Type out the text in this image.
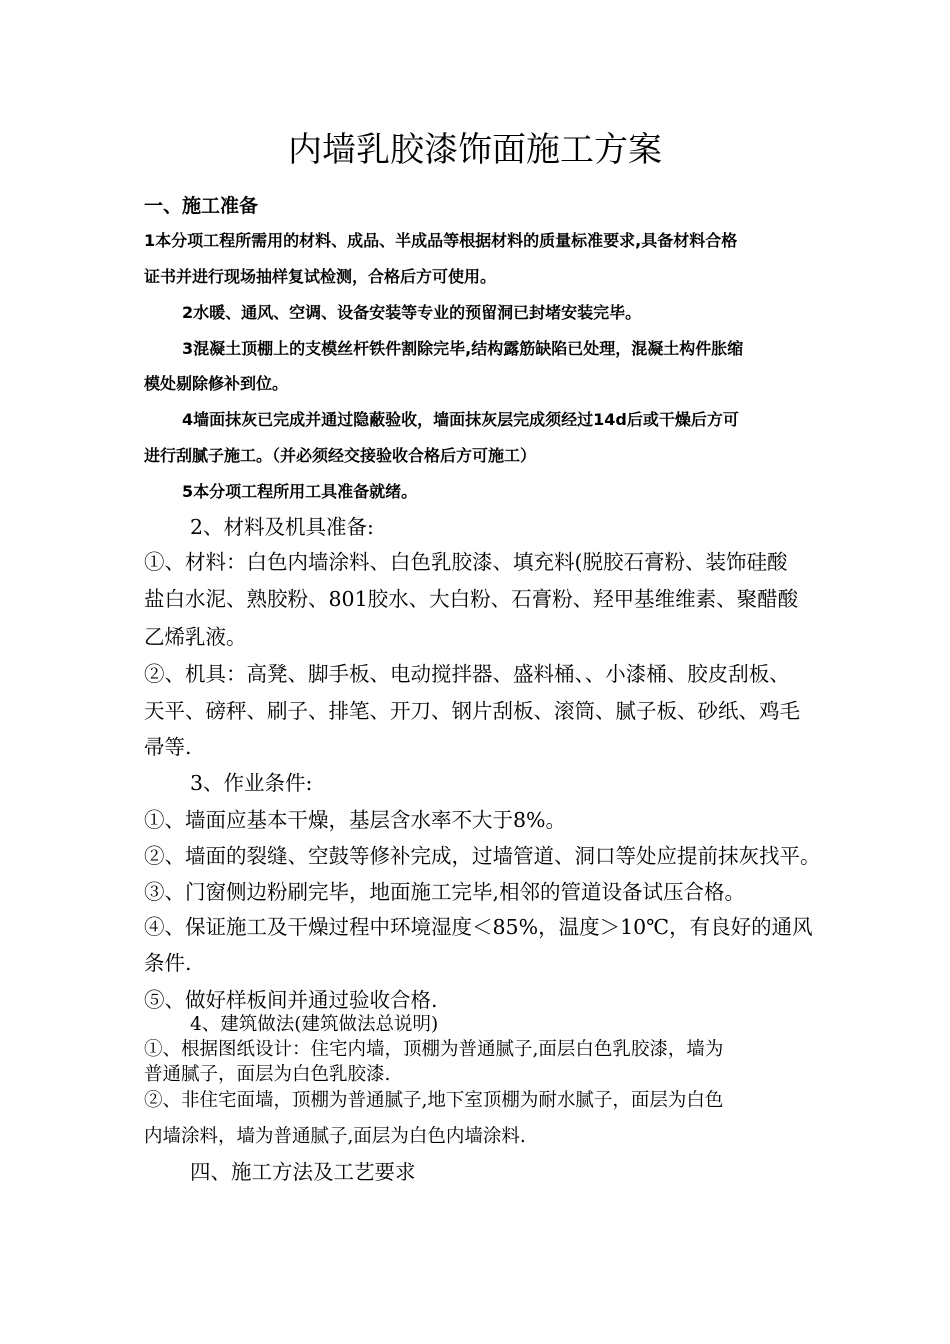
内墙乳胶漆饰面施工方案
一、施工准备
1本分项工程所需用的材料、成品、半成品等根据材料的质量标准要求,具备材料合格
证书并进行现场抽样复试检测，合格后方可使用。
2水暖、通风、空调、设备安装等专业的预留洞已封堵安装完毕。
3混凝土顶棚上的支模丝杆铁件割除完毕,结构露筋缺陷已处理，混凝土构件胀缩
模处剔除修补到位。
4墙面抹灰已完成并通过隐蔽验收，墙面抹灰层完成须经过14d后或干燥后方可
进行刮腻子施工。（并必须经交接验收合格后方可施工）
5本分项工程所用工具准备就绪。
2、材料及机具准备:
①、材料：白色内墙涂料、白色乳胶漆、填充料(脱胶石膏粉、装饰硅酸
盐白水泥、熟胶粉、801胶水、大白粉、石膏粉、羟甲基维维素、聚醋酸
乙烯乳液。
②、机具：高凳、脚手板、电动搅拌器、盛料桶、、小漆桶、胶皮刮板、
天平、磅秤、刷子、排笔、开刀、钢片刮板、滚筒、腻子板、砂纸、鸡毛
帚等.
3、作业条件:
①、墙面应基本干燥，基层含水率不大于8%。
②、墙面的裂缝、空鼓等修补完成，过墙管道、洞口等处应提前抹灰找平。
③、门窗侧边粉刷完毕，地面施工完毕,相邻的管道设备试压合格。
④、保证施工及干燥过程中环境湿度＜85%，温度＞10℃，有良好的通风
条件.
⑤、做好样板间并通过验收合格.
4、建筑做法(建筑做法总说明)
①、根据图纸设计：住宅内墙，顶棚为普通腻子,面层白色乳胶漆，墙为
普通腻子，面层为白色乳胶漆.
②、非住宅面墙，顶棚为普通腻子,地下室顶棚为耐水腻子，面层为白色
内墙涂料，墙为普通腻子,面层为白色内墙涂料.
四、施工方法及工艺要求
